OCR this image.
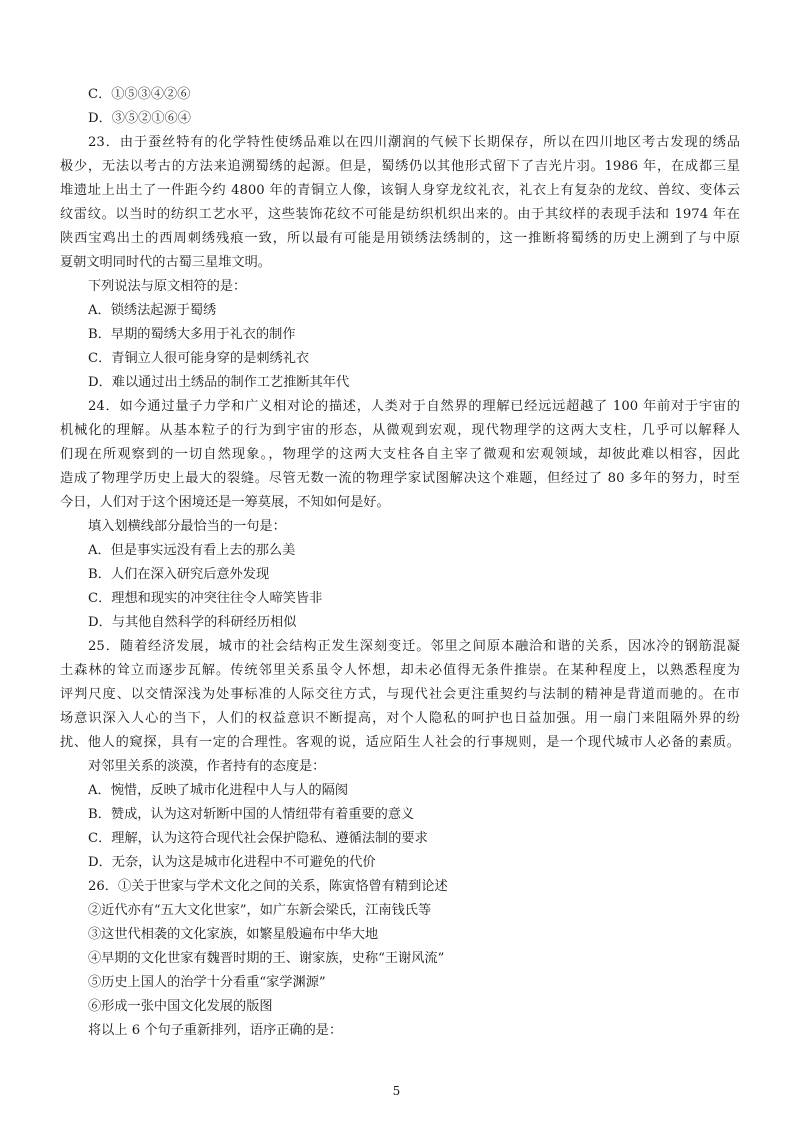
C．①⑤③④②⑥
D．③⑤②①⑥④
23．由于蚕丝特有的化学特性使绣品难以在四川潮润的气候下长期保存，所以在四川地区考古发现的绣品
极少，无法以考古的方法来追溯蜀绣的起源。但是，蜀绣仍以其他形式留下了吉光片羽。1986 年，在成都三星
堆遗址上出土了一件距今约 4800 年的青铜立人像，该铜人身穿龙纹礼衣，礼衣上有复杂的龙纹、兽纹、变体云
纹雷纹。以当时的纺织工艺水平，这些装饰花纹不可能是纺织机织出来的。由于其纹样的表现手法和 1974 年在
陕西宝鸡出土的西周刺绣残痕一致，所以最有可能是用锁绣法绣制的，这一推断将蜀绣的历史上溯到了与中原
夏朝文明同时代的古蜀三星堆文明。
下列说法与原文相符的是：
A．锁绣法起源于蜀绣
B．早期的蜀绣大多用于礼衣的制作
C．青铜立人很可能身穿的是刺绣礼衣
D．难以通过出土绣品的制作工艺推断其年代
24．如今通过量子力学和广义相对论的描述，人类对于自然界的理解已经远远超越了 100 年前对于宇宙的
机械化的理解。从基本粒子的行为到宇宙的形态，从微观到宏观，现代物理学的这两大支柱，几乎可以解释人
们现在所观察到的一切自然现象。，物理学的这两大支柱各自主宰了微观和宏观领域，却彼此难以相容，因此
造成了物理学历史上最大的裂缝。尽管无数一流的物理学家试图解决这个难题，但经过了 80 多年的努力，时至
今日，人们对于这个困境还是一筹莫展，不知如何是好。
填入划横线部分最恰当的一句是：
A．但是事实远没有看上去的那么美
B．人们在深入研究后意外发现
C．理想和现实的冲突往往令人啼笑皆非
D．与其他自然科学的科研经历相似
25．随着经济发展，城市的社会结构正发生深刻变迁。邻里之间原本融洽和谐的关系，因冰冷的钢筋混凝
土森林的耸立而逐步瓦解。传统邻里关系虽令人怀想，却未必值得无条件推崇。在某种程度上，以熟悉程度为
评判尺度、以交情深浅为处事标准的人际交往方式，与现代社会更注重契约与法制的精神是背道而驰的。在市
场意识深入人心的当下，人们的权益意识不断提高，对个人隐私的呵护也日益加强。用一扇门来阻隔外界的纷
扰、他人的窥探，具有一定的合理性。客观的说，适应陌生人社会的行事规则，是一个现代城市人必备的素质。
对邻里关系的淡漠，作者持有的态度是：
A．惋惜，反映了城市化进程中人与人的隔阂
B．赞成，认为这对斩断中国的人情纽带有着重要的意义
C．理解，认为这符合现代社会保护隐私、遵循法制的要求
D．无奈，认为这是城市化进程中不可避免的代价
26．①关于世家与学术文化之间的关系，陈寅恪曾有精到论述
②近代亦有“五大文化世家”，如广东新会梁氏，江南钱氏等
③这世代相袭的文化家族，如繁星般遍布中华大地
④早期的文化世家有魏晋时期的王、谢家族，史称“王谢风流”
⑤历史上国人的治学十分看重“家学渊源”
⑥形成一张中国文化发展的版图
将以上 6 个句子重新排列，语序正确的是：
5
